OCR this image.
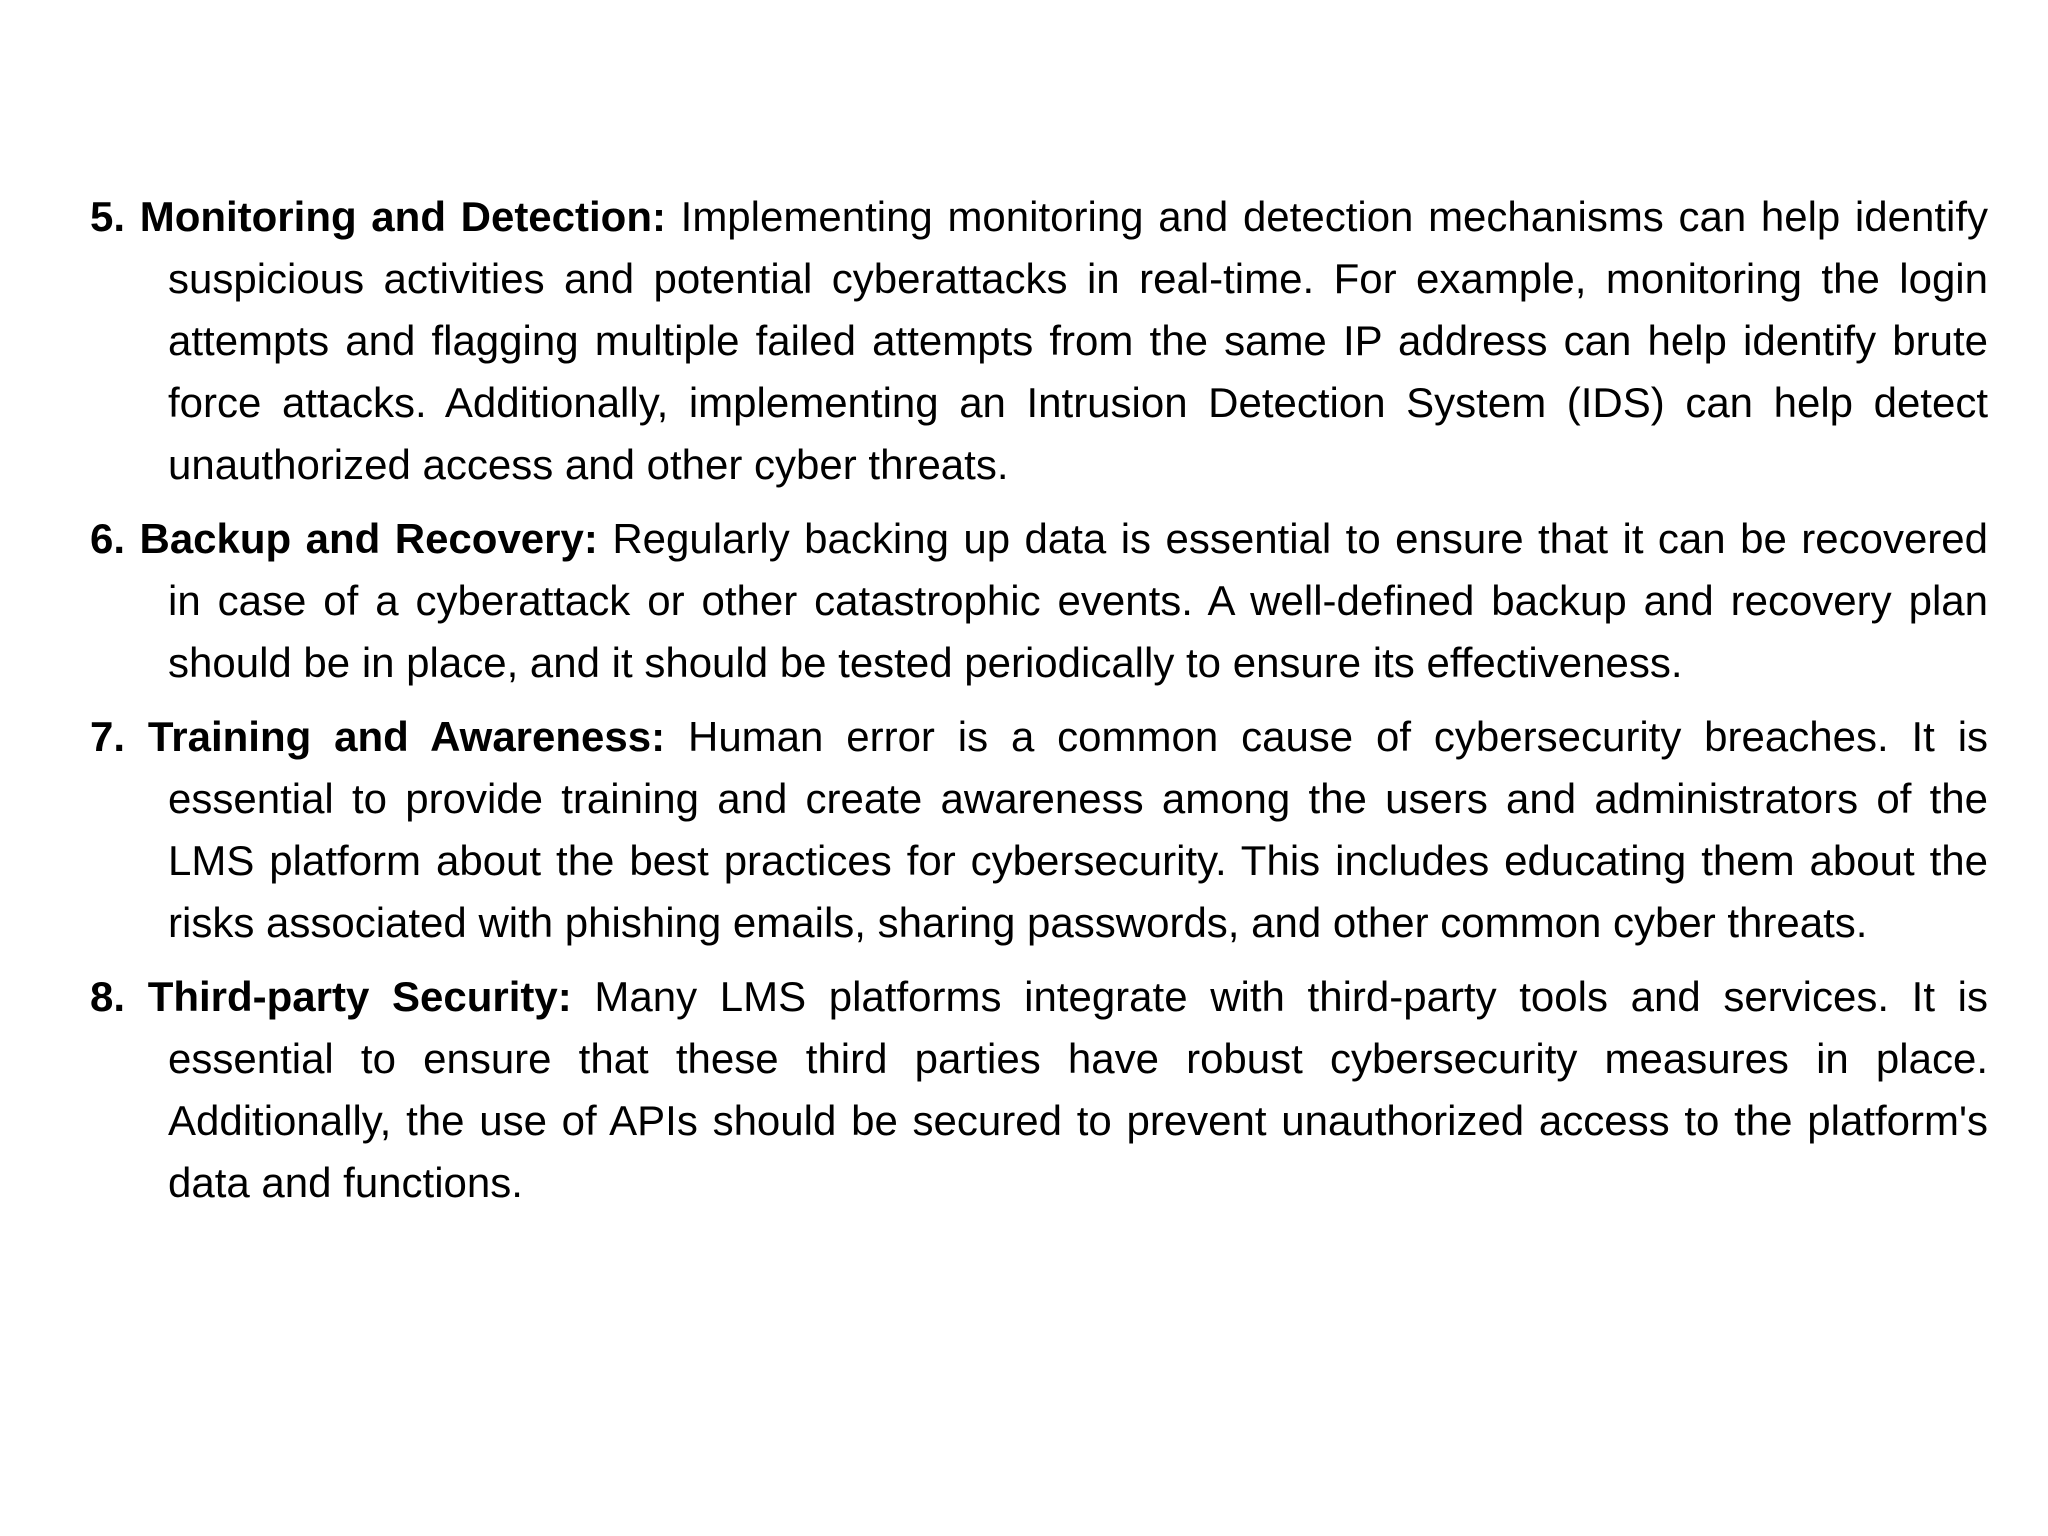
5. Monitoring and Detection: Implementing monitoring and detection mechanisms can help identify suspicious activities and potential cyberattacks in real-time. For example, monitoring the login attempts and flagging multiple failed attempts from the same IP address can help identify brute force attacks. Additionally, implementing an Intrusion Detection System (IDS) can help detect unauthorized access and other cyber threats.

6. Backup and Recovery: Regularly backing up data is essential to ensure that it can be recovered in case of a cyberattack or other catastrophic events. A well-defined backup and recovery plan should be in place, and it should be tested periodically to ensure its effectiveness.

7. Training and Awareness: Human error is a common cause of cybersecurity breaches. It is essential to provide training and create awareness among the users and administrators of the LMS platform about the best practices for cybersecurity. This includes educating them about the risks associated with phishing emails, sharing passwords, and other common cyber threats.

8. Third-party Security: Many LMS platforms integrate with third-party tools and services. It is essential to ensure that these third parties have robust cybersecurity measures in place. Additionally, the use of APIs should be secured to prevent unauthorized access to the platform's data and functions.
